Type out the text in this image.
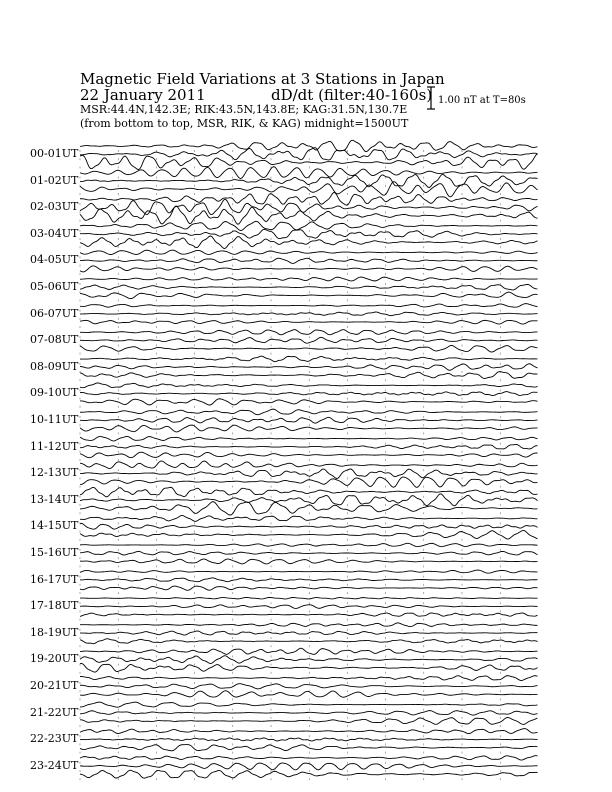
Magnetic Field Variations at 3 Stations in Japan
22 January 2011	dD/dt (filter:40-160s)
MSR:44.4N,142.3E; RIK:43.5N,143.8E; KAG:31.5N,130.7E
(from bottom to top, MSR, RIK, & KAG) midnight=1500UT
1.00 nT at T=80s
00-01UT
01-02UT
02-03UT
03-04UT
04-05UT
05-06UT
06-07UT
07-08UT
08-09UT
09-10UT
10-11UT
11-12UT
12-13UT
13-14UT
14-15UT
15-16UT
16-17UT
17-18UT
18-19UT
19-20UT
20-21UT
21-22UT
22-23UT
23-24UT
